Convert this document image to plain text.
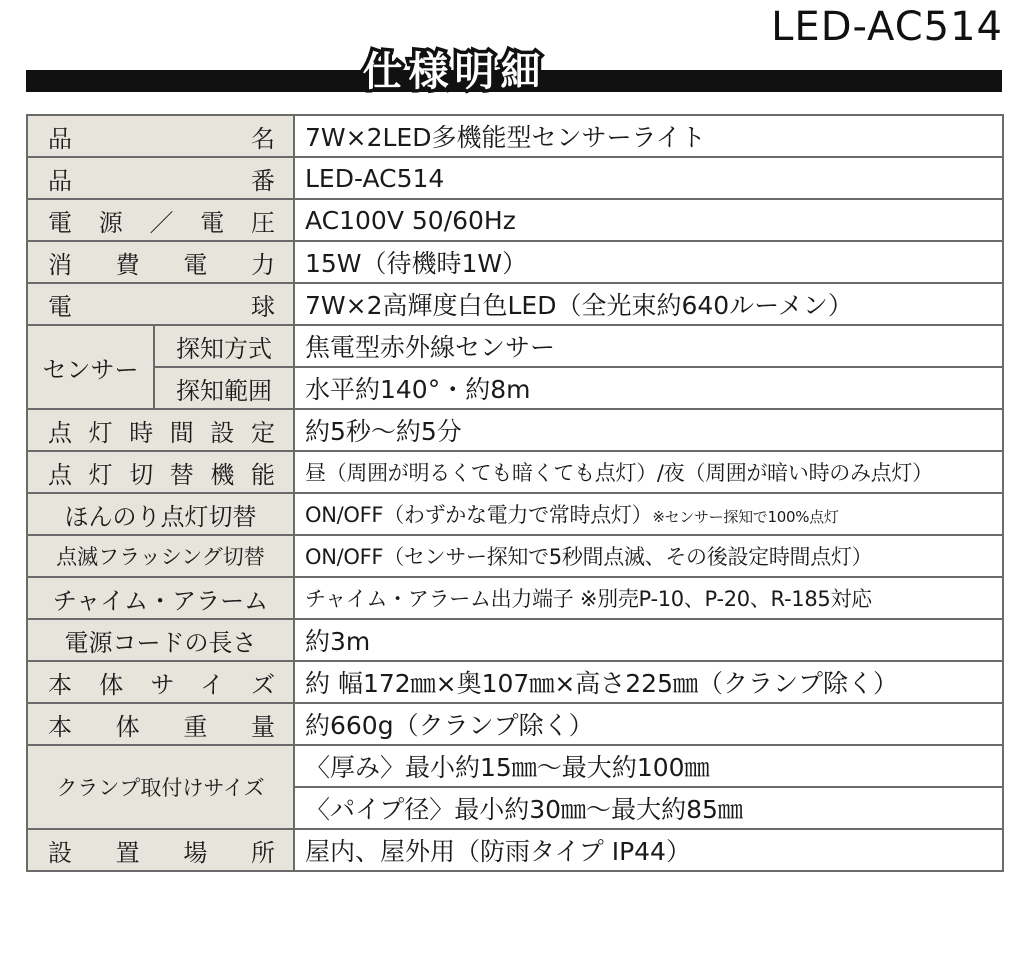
LED-AC514
仕様明細
品　　　　名		7W×2LED多機能型センサーライト
品　　　　番		LED-AC514
電源／電圧		AC100V 50/60Hz
消費電力		15W（待機時1W）
電　　　　球		7W×2高輝度白色LED（全光束約640ルーメン）
センサー	探知方式	焦電型赤外線センサー
	探知範囲	水平約140°・約8m
点灯時間設定		約5秒〜約5分
点灯切替機能		昼（周囲が明るくても暗くても点灯）/夜（周囲が暗い時のみ点灯）
ほんのり点灯切替		ON/OFF（わずかな電力で常時点灯）※センサー探知で100%点灯
点滅フラッシング切替		ON/OFF（センサー探知で5秒間点滅、その後設定時間点灯）
チャイム・アラーム		チャイム・アラーム出力端子 ※別売P-10、P-20、R-185対応
電源コードの長さ		約3m
本体サイズ		約 幅172㎜×奥107㎜×高さ225㎜（クランプ除く）
本体重量		約660g（クランプ除く）
クランプ取付けサイズ		〈厚み〉最小約15㎜〜最大約100㎜
		〈パイプ径〉最小約30㎜〜最大約85㎜
設置場所		屋内、屋外用（防雨タイプ IP44）
